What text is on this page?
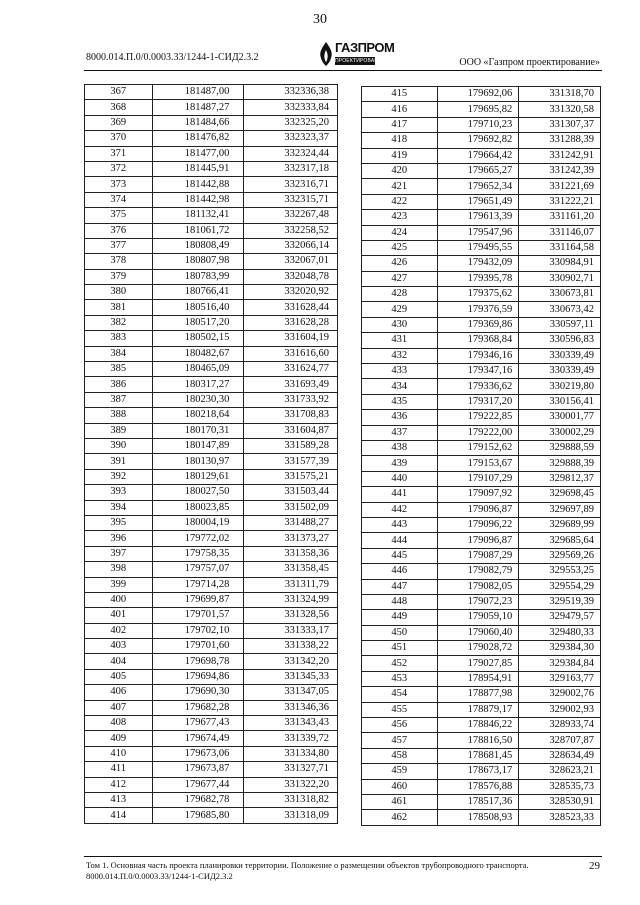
30
8000.014.П.0/0.0003.33/1244-1-СИД2.3.2
ГАЗПРОМ
ПРОЕКТИРОВАНИЕ	ООО «Газпром проектирование»
367	181487,00	332336,38
368	181487,27	332333,84
369	181484,66	332325,20
370	181476,82	332323,37
371	181477,00	332324,44
372	181445,91	332317,18
373	181442,88	332316,71
374	181442,98	332315,71
375	181132,41	332267,48
376	181061,72	332258,52
377	180808,49	332066,14
378	180807,98	332067,01
379	180783,99	332048,78
380	180766,41	332020,92
381	180516,40	331628,44
382	180517,20	331628,28
383	180502,15	331604,19
384	180482,67	331616,60
385	180465,09	331624,77
386	180317,27	331693,49
387	180230,30	331733,92
388	180218,64	331708,83
389	180170,31	331604,87
390	180147,89	331589,28
391	180130,97	331577,39
392	180129,61	331575,21
393	180027,50	331503,44
394	180023,85	331502,09
395	180004,19	331488,27
396	179772,02	331373,27
397	179758,35	331358,36
398	179757,07	331358,45
399	179714,28	331311,79
400	179699,87	331324,99
401	179701,57	331328,56
402	179702,10	331333,17
403	179701,60	331338,22
404	179698,78	331342,20
405	179694,86	331345,33
406	179690,30	331347,05
407	179682,28	331346,36
408	179677,43	331343,43
409	179674,49	331339,72
410	179673,06	331334,80
411	179673,87	331327,71
412	179677,44	331322,20
413	179682,78	331318,82
414	179685,80	331318,09
415	179692,06	331318,70
416	179695,82	331320,58
417	179710,23	331307,37
418	179692,82	331288,39
419	179664,42	331242,91
420	179665,27	331242,39
421	179652,34	331221,69
422	179651,49	331222,21
423	179613,39	331161,20
424	179547,96	331146,07
425	179495,55	331164,58
426	179432,09	330984,91
427	179395,78	330902,71
428	179375,62	330673,81
429	179376,59	330673,42
430	179369,86	330597,11
431	179368,84	330596,83
432	179346,16	330339,49
433	179347,16	330339,49
434	179336,62	330219,80
435	179317,20	330156,41
436	179222,85	330001,77
437	179222,00	330002,29
438	179152,62	329888,59
439	179153,67	329888,39
440	179107,29	329812,37
441	179097,92	329698,45
442	179096,87	329697,89
443	179096,22	329689,99
444	179096,87	329685,64
445	179087,29	329569,26
446	179082,79	329553,25
447	179082,05	329554,29
448	179072,23	329519,39
449	179059,10	329479,57
450	179060,40	329480,33
451	179028,72	329384,30
452	179027,85	329384,84
453	178954,91	329163,77
454	178877,98	329002,76
455	178879,17	329002,93
456	178846,22	328933,74
457	178816,50	328707,87
458	178681,45	328634,49
459	178673,17	328623,21
460	178576,88	328535,73
461	178517,36	328530,91
462	178508,93	328523,33
Том 1. Основная часть проекта планировки территории. Положение о размещении объектов трубопроводного транспорта.
8000.014.П.0/0.0003.33/1244-1-СИД2.3.2
29
